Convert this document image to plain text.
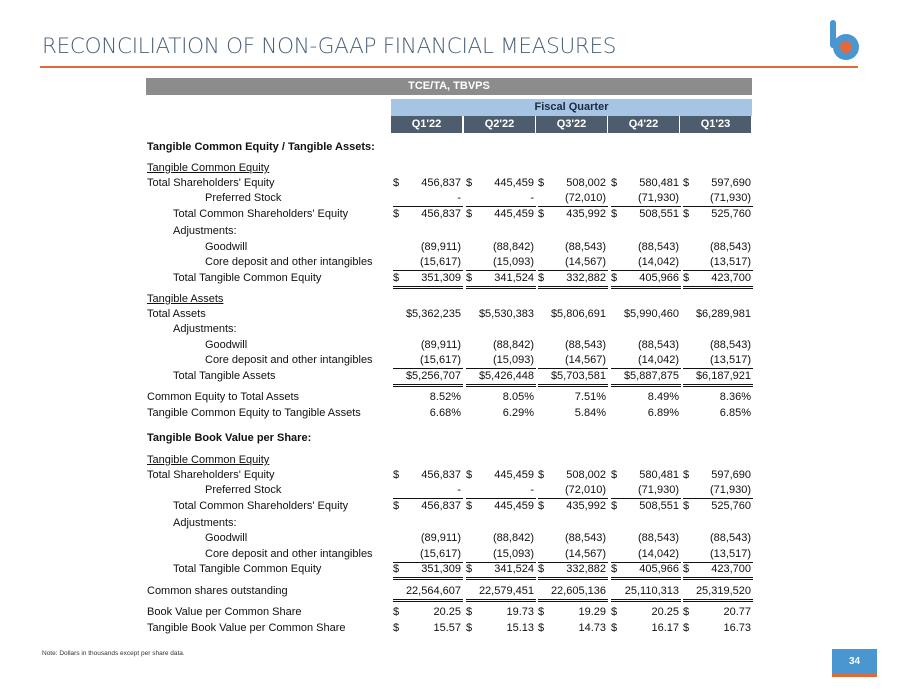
RECONCILIATION OF NON-GAAP FINANCIAL MEASURES
TCE/TA, TBVPS
Fiscal Quarter
Q1'22	Q2'22	Q3'22	Q4'22	Q1'23
Tangible Common Equity / Tangible Assets:
Tangible Common Equity
Total Shareholders' Equity	$ 456,837 $ 445,459 $ 508,002 $ 580,481 $ 597,690
Preferred Stock	-	-	(72,010)	(71,930)	(71,930)
Total Common Shareholders' Equity	$ 456,837 $ 445,459 $ 435,992 $ 508,551 $ 525,760
Adjustments:
Goodwill	(89,911)	(88,842)	(88,543)	(88,543)	(88,543)
Core deposit and other intangibles	(15,617)	(15,093)	(14,567)	(14,042)	(13,517)
Total Tangible Common Equity	$ 351,309 $ 341,524 $ 332,882 $ 405,966 $ 423,700
Tangible Assets
Total Assets	$5,362,235 $5,530,383 $5,806,691 $5,990,460 $6,289,981
Adjustments:
Goodwill	(89,911)	(88,842)	(88,543)	(88,543)	(88,543)
Core deposit and other intangibles	(15,617)	(15,093)	(14,567)	(14,042)	(13,517)
Total Tangible Assets	$5,256,707 $5,426,448 $5,703,581 $5,887,875 $6,187,921
Common Equity to Total Assets	8.52%	8.05%	7.51%	8.49%	8.36%
Tangible Common Equity to Tangible Assets	6.68%	6.29%	5.84%	6.89%	6.85%
Tangible Book Value per Share:
Tangible Common Equity
Total Shareholders' Equity	$ 456,837 $ 445,459 $ 508,002 $ 580,481 $ 597,690
Preferred Stock	-	-	(72,010)	(71,930)	(71,930)
Total Common Shareholders' Equity	$ 456,837 $ 445,459 $ 435,992 $ 508,551 $ 525,760
Adjustments:
Goodwill	(89,911)	(88,842)	(88,543)	(88,543)	(88,543)
Core deposit and other intangibles	(15,617)	(15,093)	(14,567)	(14,042)	(13,517)
Total Tangible Common Equity	$ 351,309 $ 341,524 $ 332,882 $ 405,966 $ 423,700
Common shares outstanding	22,564,607 22,579,451 22,605,136 25,110,313 25,319,520
Book Value per Common Share	$	20.25 $	19.73 $	19.29 $	20.25 $	20.77
Tangible Book Value per Common Share	$	15.57 $	15.13 $	14.73 $	16.17 $	16.73
Note: Dollars in thousands except per share data.
34
